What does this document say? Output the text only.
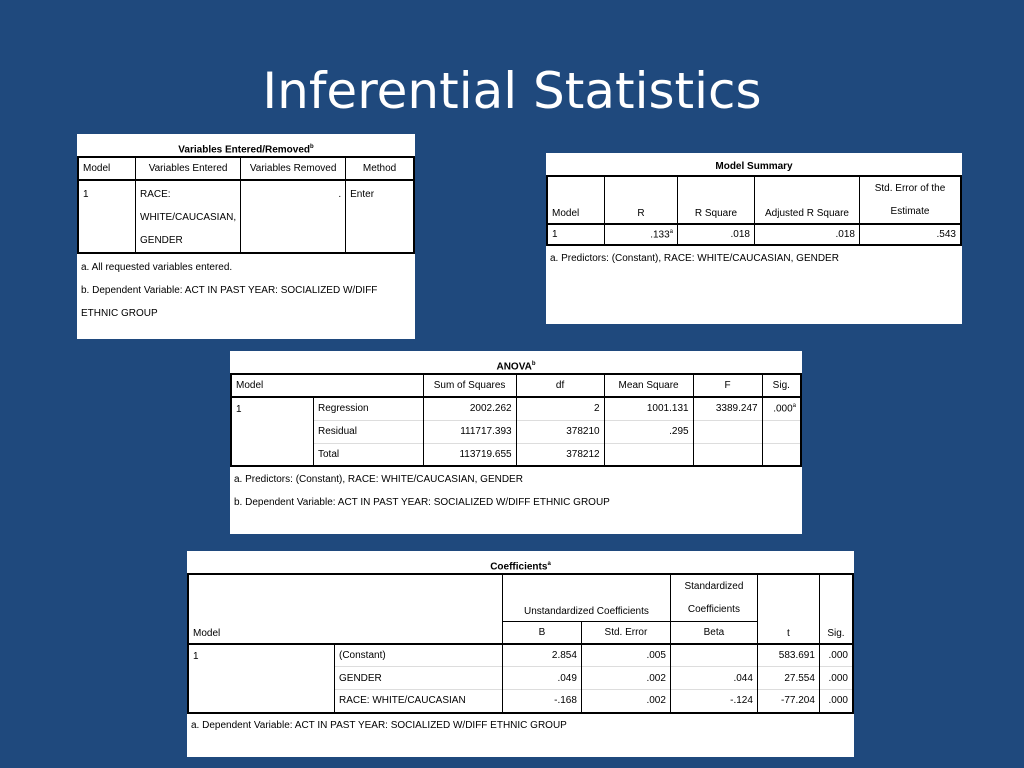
Inferential Statistics
Variables Entered/Removed$^b$
Model	Variables Entered	Variables Removed	Method
1	RACE:
WHITE/CAUCASIAN,
GENDER	.	Enter
a. All requested variables entered.
b. Dependent Variable: ACT IN PAST YEAR: SOCIALIZED W/DIFF
ETHNIC GROUP
Model Summary
Model	R	R Square	Adjusted R Square	Std. Error of the
Estimate

1	.133$^a$	.018	.018	.543
a. Predictors: (Constant), RACE: WHITE/CAUCASIAN, GENDER
ANOVA$^b$
Model		Sum of Squares	df	Mean Square	F	Sig.
1	Regression	2002.262	2	1001.131	3389.247	.000$^a$
	Residual	111717.393	378210	.295		
	Total	113719.655	378212			
a. Predictors: (Constant), RACE: WHITE/CAUCASIAN, GENDER
b. Dependent Variable: ACT IN PAST YEAR: SOCIALIZED W/DIFF ETHNIC GROUP
Coefficients$^a$
Model		Unstandardized Coefficients		Standardized
Coefficients	t	Sig.
		B	Std. Error	Beta		
1	(Constant)	2.854	.005		583.691	.000
	GENDER	.049	.002	.044	27.554	.000
	RACE: WHITE/CAUCASIAN	-.168	.002	-.124	-77.204	.000
a. Dependent Variable: ACT IN PAST YEAR: SOCIALIZED W/DIFF ETHNIC GROUP
